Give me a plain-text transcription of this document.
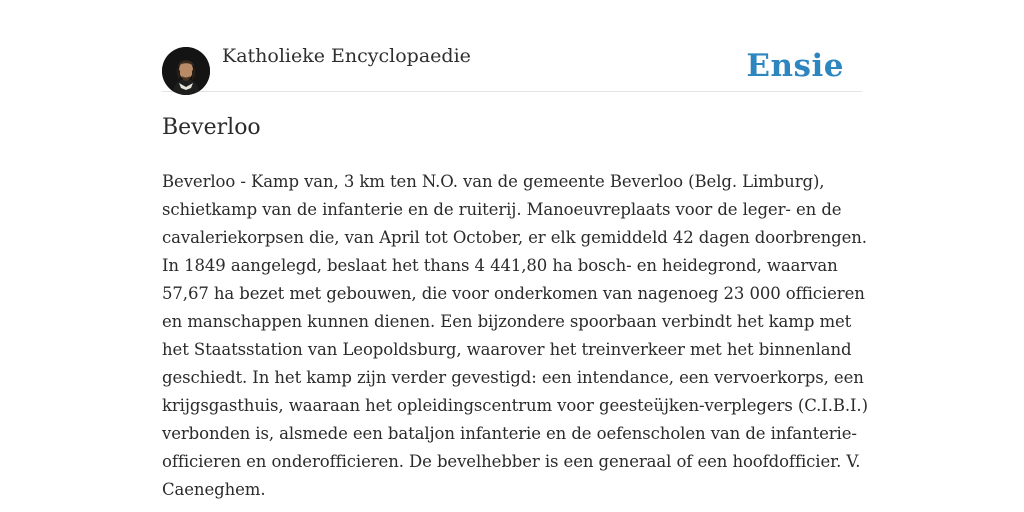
Katholieke Encyclopaedie	Ensie
Beverloo

Beverloo - Kamp van, 3 km ten N.O. van de gemeente Beverloo (Belg. Limburg), schietkamp van de infanterie en de ruiterij. Manoeuvreplaats voor de leger- en de cavaleriekorpsen die, van April tot October, er elk gemiddeld 42 dagen doorbrengen. In 1849 aangelegd, beslaat het thans 4 441,80 ha bosch- en heidegrond, waarvan 57,67 ha bezet met gebouwen, die voor onderkomen van nagenoeg 23 000 officieren en manschappen kunnen dienen. Een bijzondere spoorbaan verbindt het kamp met het Staatsstation van Leopoldsburg, waarover het treinverkeer met het binnenland geschiedt. In het kamp zijn verder gevestigd: een intendance, een vervoerkorps, een krijgsgasthuis, waaraan het opleidingscentrum voor geesteüjken-verplegers (C.I.B.I.) verbonden is, alsmede een bataljon infanterie en de oefenscholen van de infanterie-officieren en onderofficieren. De bevelhebber is een generaal of een hoofdofficier. V. Caeneghem.
